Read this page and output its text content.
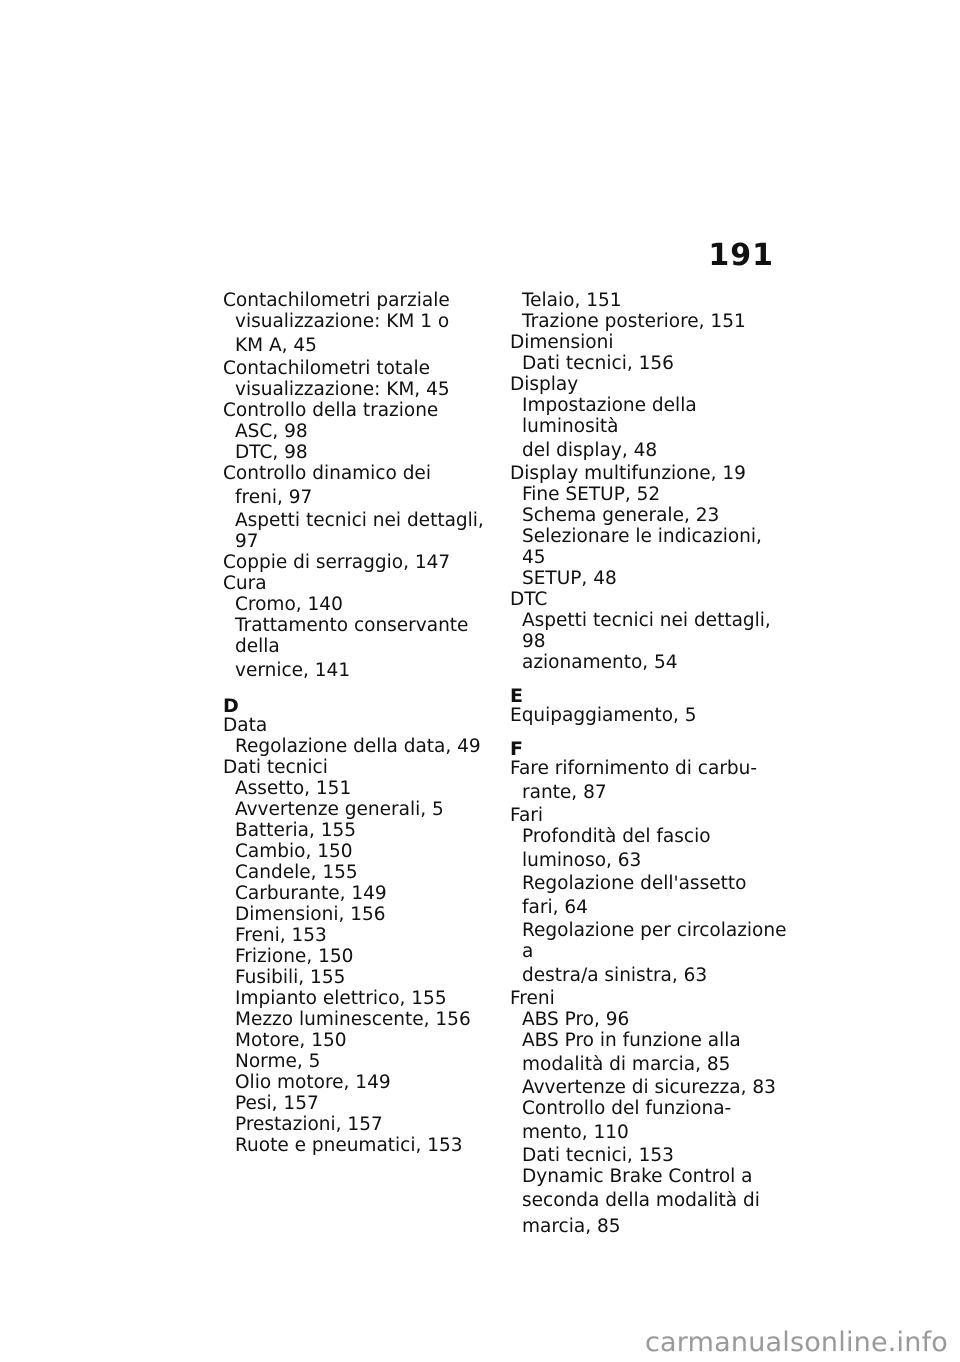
191
Contachilometri parziale
visualizzazione: KM 1 o
KM A, 45
Contachilometri totale
visualizzazione: KM, 45
Controllo della trazione
ASC, 98
DTC, 98
Controllo dinamico dei
freni, 97
Aspetti tecnici nei dettagli, 97
Coppie di serraggio, 147
Cura
Cromo, 140
Trattamento conservante della
vernice, 141
D
Data
Regolazione della data, 49
Dati tecnici
Assetto, 151
Avvertenze generali, 5
Batteria, 155
Cambio, 150
Candele, 155
Carburante, 149
Dimensioni, 156
Freni, 153
Frizione, 150
Fusibili, 155
Impianto elettrico, 155
Mezzo luminescente, 156
Motore, 150
Norme, 5
Olio motore, 149
Pesi, 157
Prestazioni, 157
Ruote e pneumatici, 153
Telaio, 151
Trazione posteriore, 151
Dimensioni
Dati tecnici, 156
Display
Impostazione della luminosità
del display, 48
Display multifunzione, 19
Fine SETUP, 52
Schema generale, 23
Selezionare le indicazioni, 45
SETUP, 48
DTC
Aspetti tecnici nei dettagli, 98
azionamento, 54
E
Equipaggiamento, 5
F
Fare rifornimento di carbu-
rante, 87
Fari
Profondità del fascio
luminoso, 63
Regolazione dell'assetto
fari, 64
Regolazione per circolazione a
destra/a sinistra, 63
Freni
ABS Pro, 96
ABS Pro in funzione alla
modalità di marcia, 85
Avvertenze di sicurezza, 83
Controllo del funziona-
mento, 110
Dati tecnici, 153
Dynamic Brake Control a
seconda della modalità di
marcia, 85
carmanualsonline.info
